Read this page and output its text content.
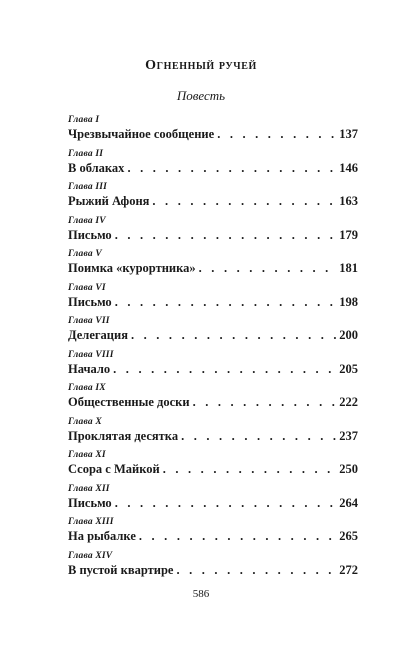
Огненный ручей
Повесть
Глава I
Чрезвычайное сообщение . . .	137
Глава II
В облаках . . .	146
Глава III
Рыжий Афоня . . .	163
Глава IV
Письмо . . .	179
Глава V
Поимка «курортника» . . .	181
Глава VI
Письмо . . .	198
Глава VII
Делегация . . .	200
Глава VIII
Начало . . .	205
Глава IX
Общественные доски . . .	222
Глава X
Проклятая десятка . . .	237
Глава XI
Ссора с Майкой . . .	250
Глава XII
Письмо . . .	264
Глава XIII
На рыбалке . . .	265
Глава XIV
В пустой квартире . . .	272
586
